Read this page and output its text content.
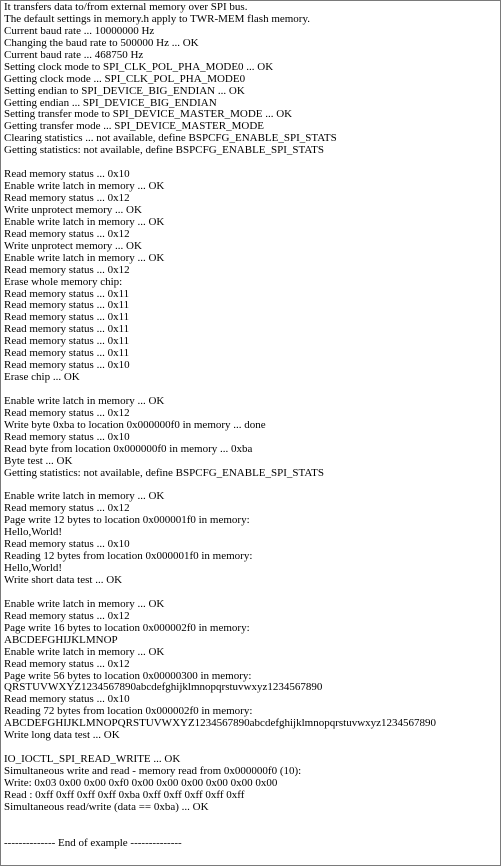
It transfers data to/from external memory over SPI bus.
The default settings in memory.h apply to TWR-MEM flash memory.
Current baud rate ... 10000000 Hz
Changing the baud rate to 500000 Hz ... OK
Current baud rate ... 468750 Hz
Setting clock mode to SPI_CLK_POL_PHA_MODE0 ... OK
Getting clock mode ... SPI_CLK_POL_PHA_MODE0
Setting endian to SPI_DEVICE_BIG_ENDIAN ... OK
Getting endian ... SPI_DEVICE_BIG_ENDIAN
Setting transfer mode to SPI_DEVICE_MASTER_MODE ... OK
Getting transfer mode ... SPI_DEVICE_MASTER_MODE
Clearing statistics ... not available, define BSPCFG_ENABLE_SPI_STATS
Getting statistics: not available, define BSPCFG_ENABLE_SPI_STATS
Read memory status ... 0x10
Enable write latch in memory ... OK
Read memory status ... 0x12
Write unprotect memory ... OK
Enable write latch in memory ... OK
Read memory status ... 0x12
Write unprotect memory ... OK
Enable write latch in memory ... OK
Read memory status ... 0x12
Erase whole memory chip:
Read memory status ... 0x11
Read memory status ... 0x11
Read memory status ... 0x11
Read memory status ... 0x11
Read memory status ... 0x11
Read memory status ... 0x11
Read memory status ... 0x10
Erase chip ... OK
Enable write latch in memory ... OK
Read memory status ... 0x12
Write byte 0xba to location 0x000000f0 in memory ... done
Read memory status ... 0x10
Read byte from location 0x000000f0 in memory ... 0xba
Byte test ... OK
Getting statistics: not available, define BSPCFG_ENABLE_SPI_STATS
Enable write latch in memory ... OK
Read memory status ... 0x12
Page write 12 bytes to location 0x000001f0 in memory:
Hello,World!
Read memory status ... 0x10
Reading 12 bytes from location 0x000001f0 in memory:
Hello,World!
Write short data test ... OK
Enable write latch in memory ... OK
Read memory status ... 0x12
Page write 16 bytes to location 0x000002f0 in memory:
ABCDEFGHIJKLMNOP
Enable write latch in memory ... OK
Read memory status ... 0x12
Page write 56 bytes to location 0x00000300 in memory:
QRSTUVWXYZ1234567890abcdefghijklmnopqrstuvwxyz1234567890
Read memory status ... 0x10
Reading 72 bytes from location 0x000002f0 in memory:
ABCDEFGHIJKLMNOPQRSTUVWXYZ1234567890abcdefghijklmnopqrstuvwxyz1234567890
Write long data test ... OK
IO_IOCTL_SPI_READ_WRITE ... OK
Simultaneous write and read - memory read from 0x000000f0 (10):
Write: 0x03 0x00 0x00 0xf0 0x00 0x00 0x00 0x00 0x00 0x00
Read : 0xff 0xff 0xff 0xff 0xba 0xff 0xff 0xff 0xff 0xff
Simultaneous read/write (data == 0xba) ... OK
-------------- End of example --------------
